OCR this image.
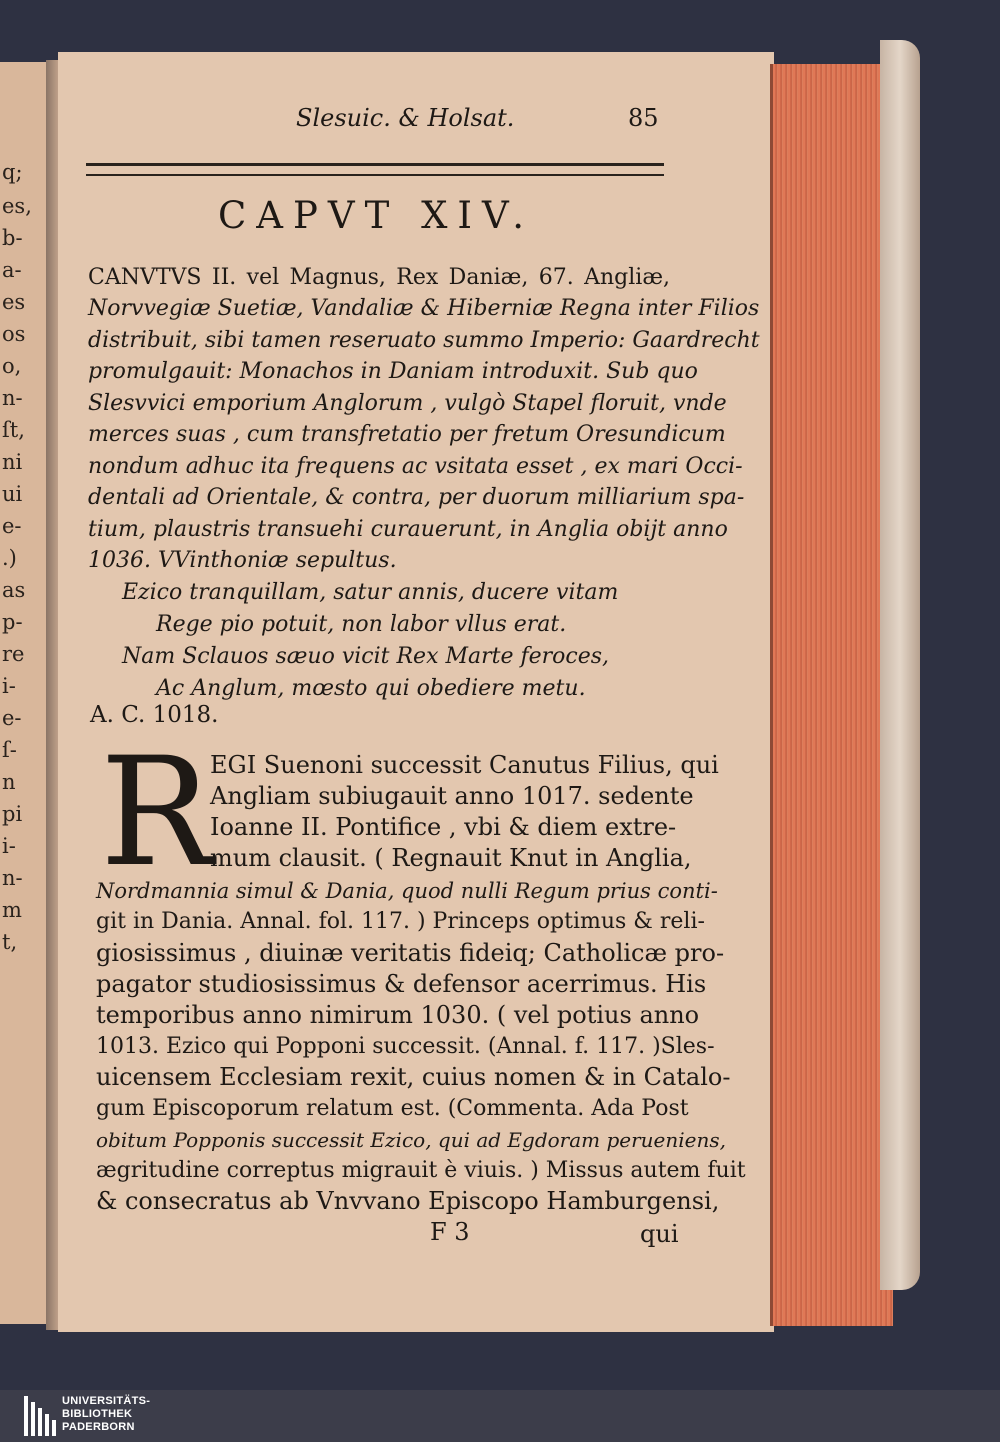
q;
es,
b-
a-
es
os
o,
n-
ſt,
ni
ui
e-
.)
as
p-
re
i-
e-
ſ-
n
pi
i-
n-
m
t,
Slesuic. & Holsat.	85
CAPVT XIV.
CANVTVS II. vel Magnus, Rex Daniæ, 67. Angliæ,
Norvvegiæ Suetiæ, Vandaliæ & Hiberniæ Regna inter Filios
distribuit, sibi tamen reseruato summo Imperio: Gaardrecht
promulgauit: Monachos in Daniam introduxit. Sub quo
Slesvvici emporium Anglorum , vulgò Stapel floruit, vnde
merces suas , cum transfretatio per fretum Oresundicum
nondum adhuc ita frequens ac vsitata esset , ex mari Occi-
dentali ad Orientale, & contra, per duorum milliarium spa-
tium, plaustris transuehi curauerunt, in Anglia obijt anno
1036. VVinthoniæ sepultus.
Ezico tranquillam, satur annis, ducere vitam
Rege pio potuit, non labor vllus erat.
Nam Sclauos sæuo vicit Rex Marte feroces,
Ac Anglum, mœsto qui obediere metu.
A. C. 1018.
R
EGI Suenoni successit Canutus Filius, qui
Angliam subiugauit anno 1017. sedente
Ioanne II. Pontifice , vbi & diem extre-
mum clausit. ( Regnauit Knut in Anglia,
Nordmannia simul & Dania, quod nulli Regum prius conti-
git in Dania. Annal. fol. 117. ) Princeps optimus & reli-
giosissimus , diuinæ veritatis fideiq; Catholicæ pro-
pagator studiosissimus & defensor acerrimus. His
temporibus anno nimirum 1030. ( vel potius anno
1013. Ezico qui Popponi successit. (Annal. f. 117. )Sles-
uicensem Ecclesiam rexit, cuius nomen & in Catalo-
gum Episcoporum relatum est. (Commenta. Ada Post
obitum Popponis successit Ezico, qui ad Egdoram perueniens,
ægritudine correptus migrauit è viuis. ) Missus autem fuit
& consecratus ab Vnvvano Episcopo Hamburgensi,
F 3	qui
UNIVERSITÄTS-
BIBLIOTHEK
PADERBORN
